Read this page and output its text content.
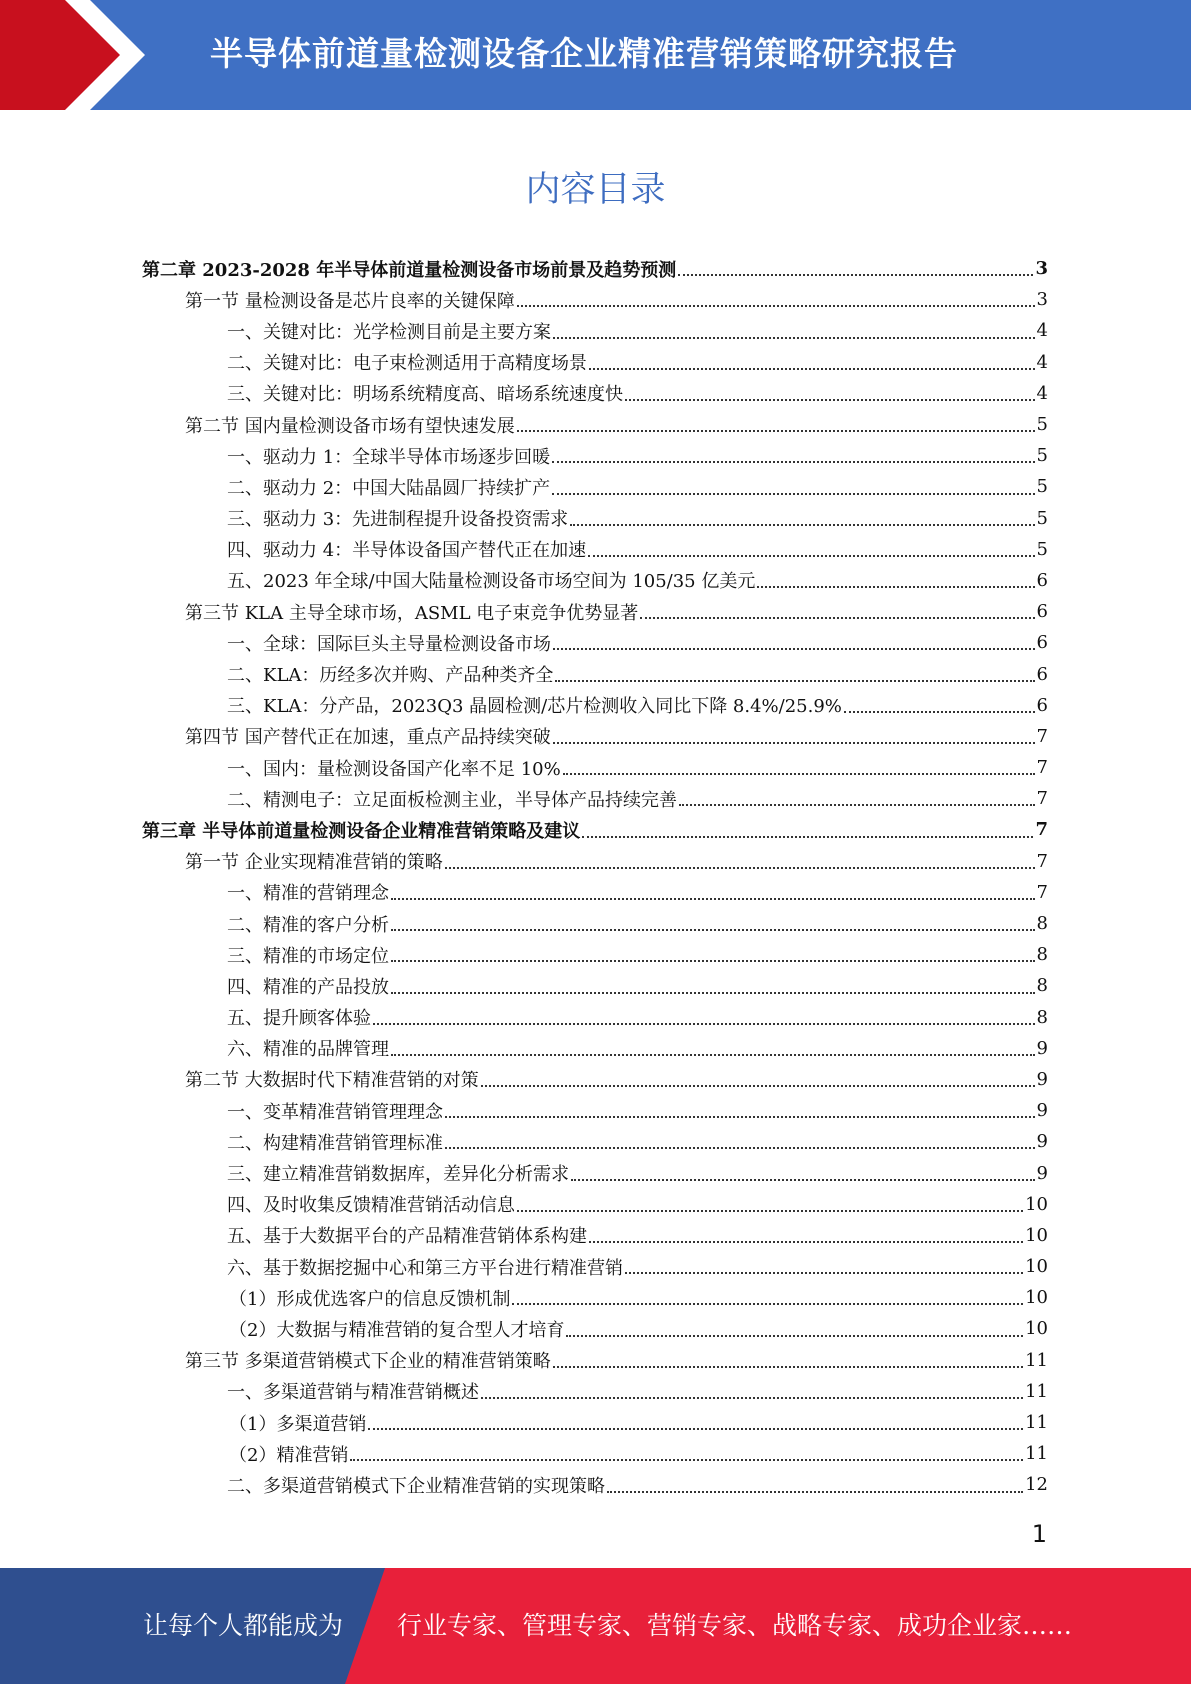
半导体前道量检测设备企业精准营销策略研究报告
内容目录
第二章 2023-2028 年半导体前道量检测设备市场前景及趋势预测	3
第一节 量检测设备是芯片良率的关键保障	3
一、关键对比：光学检测目前是主要方案	4
二、关键对比：电子束检测适用于高精度场景	4
三、关键对比：明场系统精度高、暗场系统速度快	4
第二节 国内量检测设备市场有望快速发展	5
一、驱动力 1：全球半导体市场逐步回暖	5
二、驱动力 2：中国大陆晶圆厂持续扩产	5
三、驱动力 3：先进制程提升设备投资需求	5
四、驱动力 4：半导体设备国产替代正在加速	5
五、2023 年全球/中国大陆量检测设备市场空间为 105/35 亿美元	6
第三节 KLA 主导全球市场，ASML 电子束竞争优势显著	6
一、全球：国际巨头主导量检测设备市场	6
二、KLA：历经多次并购、产品种类齐全	6
三、KLA：分产品，2023Q3 晶圆检测/芯片检测收入同比下降 8.4%/25.9%	6
第四节 国产替代正在加速，重点产品持续突破	7
一、国内：量检测设备国产化率不足 10%	7
二、精测电子：立足面板检测主业，半导体产品持续完善	7
第三章 半导体前道量检测设备企业精准营销策略及建议	7
第一节 企业实现精准营销的策略	7
一、精准的营销理念	7
二、精准的客户分析	8
三、精准的市场定位	8
四、精准的产品投放	8
五、提升顾客体验	8
六、精准的品牌管理	9
第二节 大数据时代下精准营销的对策	9
一、变革精准营销管理理念	9
二、构建精准营销管理标准	9
三、建立精准营销数据库，差异化分析需求	9
四、及时收集反馈精准营销活动信息	10
五、基于大数据平台的产品精准营销体系构建	10
六、基于数据挖掘中心和第三方平台进行精准营销	10
（1）形成优选客户的信息反馈机制	10
（2）大数据与精准营销的复合型人才培育	10
第三节 多渠道营销模式下企业的精准营销策略	11
一、多渠道营销与精准营销概述	11
（1）多渠道营销	11
（2）精准营销	11
二、多渠道营销模式下企业精准营销的实现策略	12
1
让每个人都能成为 行业专家、管理专家、营销专家、战略专家、成功企业家……
